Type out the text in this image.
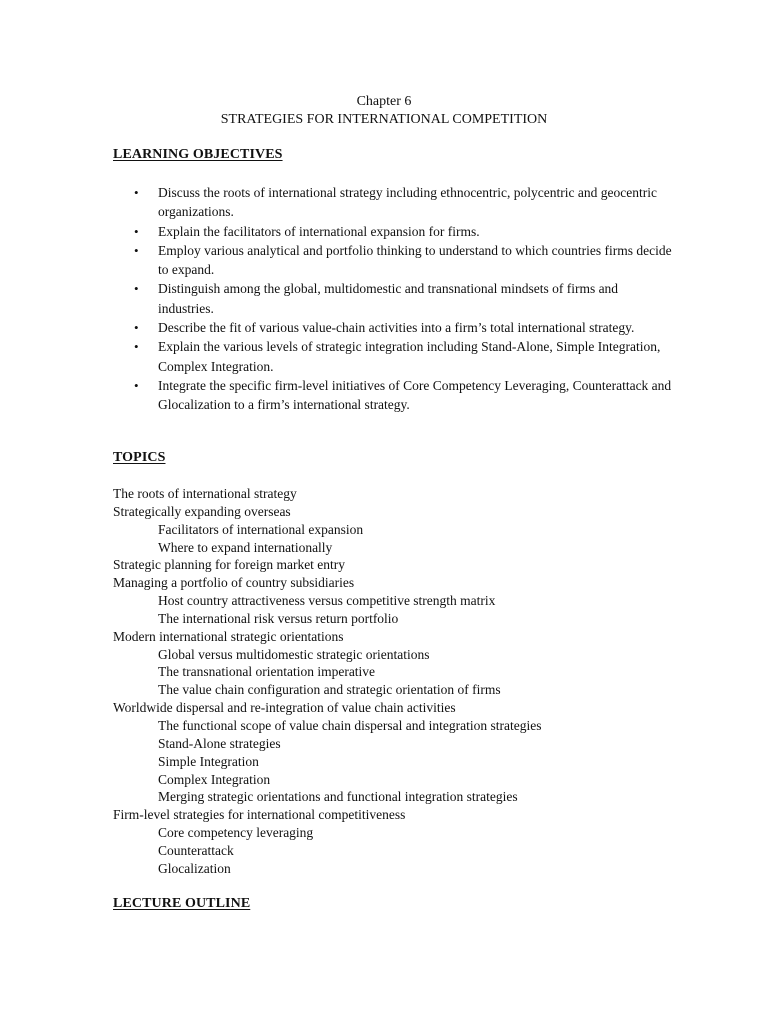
Chapter 6
STRATEGIES FOR INTERNATIONAL COMPETITION
LEARNING OBJECTIVES
• Discuss the roots of international strategy including ethnocentric, polycentric and geocentric organizations.
• Explain the facilitators of international expansion for firms.
• Employ various analytical and portfolio thinking to understand to which countries firms decide to expand.
• Distinguish among the global, multidomestic and transnational mindsets of firms and industries.
• Describe the fit of various value-chain activities into a firm’s total international strategy.
• Explain the various levels of strategic integration including Stand-Alone, Simple Integration, Complex Integration.
• Integrate the specific firm-level initiatives of Core Competency Leveraging, Counterattack and Glocalization to a firm’s international strategy.
TOPICS
The roots of international strategy
Strategically expanding overseas
Facilitators of international expansion
Where to expand internationally
Strategic planning for foreign market entry
Managing a portfolio of country subsidiaries
Host country attractiveness versus competitive strength matrix
The international risk versus return portfolio
Modern international strategic orientations
Global versus multidomestic strategic orientations
The transnational orientation imperative
The value chain configuration and strategic orientation of firms
Worldwide dispersal and re-integration of value chain activities
The functional scope of value chain dispersal and integration strategies
Stand-Alone strategies
Simple Integration
Complex Integration
Merging strategic orientations and functional integration strategies
Firm-level strategies for international competitiveness
Core competency leveraging
Counterattack
Glocalization
LECTURE OUTLINE
